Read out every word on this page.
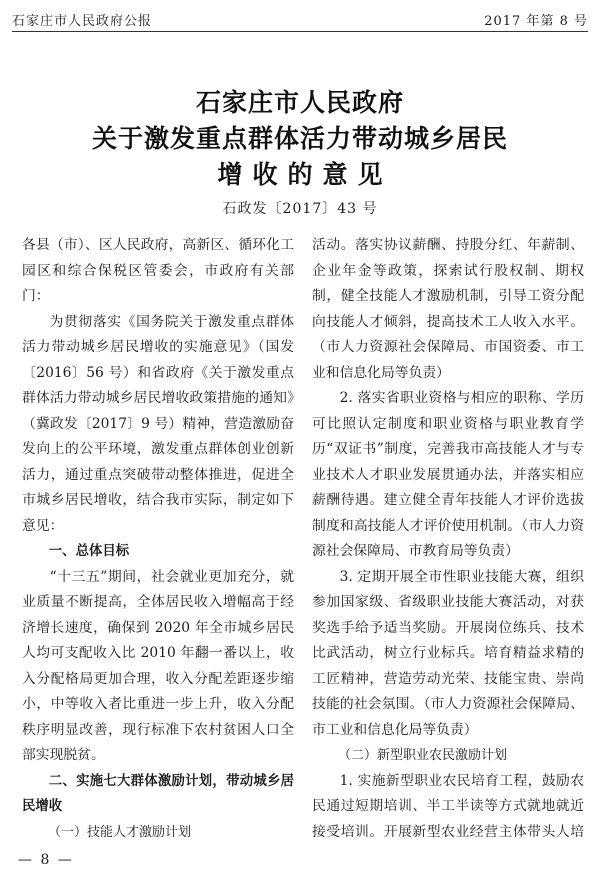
石家庄市人民政府公报	2017 年第 8 号
石家庄市人民政府
关于激发重点群体活力带动城乡居民
增收的意见
石政发〔2017〕43 号

各县（市）、区人民政府，高新区、循环化工园区和综合保税区管委会，市政府有关部门：

为贯彻落实《国务院关于激发重点群体活力带动城乡居民增收的实施意见》（国发〔2016〕56 号）和省政府《关于激发重点群体活力带动城乡居民增收政策措施的通知》（冀政发〔2017〕9 号）精神，营造激励奋发向上的公平环境，激发重点群体创业创新活力，通过重点突破带动整体推进，促进全市城乡居民增收，结合我市实际，制定如下意见：

一、总体目标

“十三五”期间，社会就业更加充分，就业质量不断提高，全体居民收入增幅高于经济增长速度，确保到 2020 年全市城乡居民人均可支配收入比 2010 年翻一番以上，收入分配格局更加合理，收入分配差距逐步缩小，中等收入者比重进一步上升，收入分配秩序明显改善，现行标准下农村贫困人口全部实现脱贫。

二、实施七大群体激励计划，带动城乡居民增收

（一）技能人才激励计划

活动。落实协议薪酬、持股分红、年薪制、企业年金等政策，探索试行股权制、期权制，健全技能人才激励机制，引导工资分配向技能人才倾斜，提高技术工人收入水平。（市人力资源社会保障局、市国资委、市工业和信息化局等负责）

2. 落实省职业资格与相应的职称、学历可比照认定制度和职业资格与职业教育学历“双证书”制度，完善我市高技能人才与专业技术人才职业发展贯通办法，并落实相应薪酬待遇。建立健全青年技能人才评价选拔制度和高技能人才评价使用机制。（市人力资源社会保障局、市教育局等负责）

3. 定期开展全市性职业技能大赛，组织参加国家级、省级职业技能大赛活动，对获奖选手给予适当奖励。开展岗位练兵、技术比武活动，树立行业标兵。培育精益求精的工匠精神，营造劳动光荣、技能宝贵、崇尚技能的社会氛围。（市人力资源社会保障局、市工业和信息化局等负责）

（二）新型职业农民激励计划

1. 实施新型职业农民培育工程，鼓励农民通过短期培训、半工半读等方式就地就近接受培训。开展新型农业经营主体带头人培

— 8 —
